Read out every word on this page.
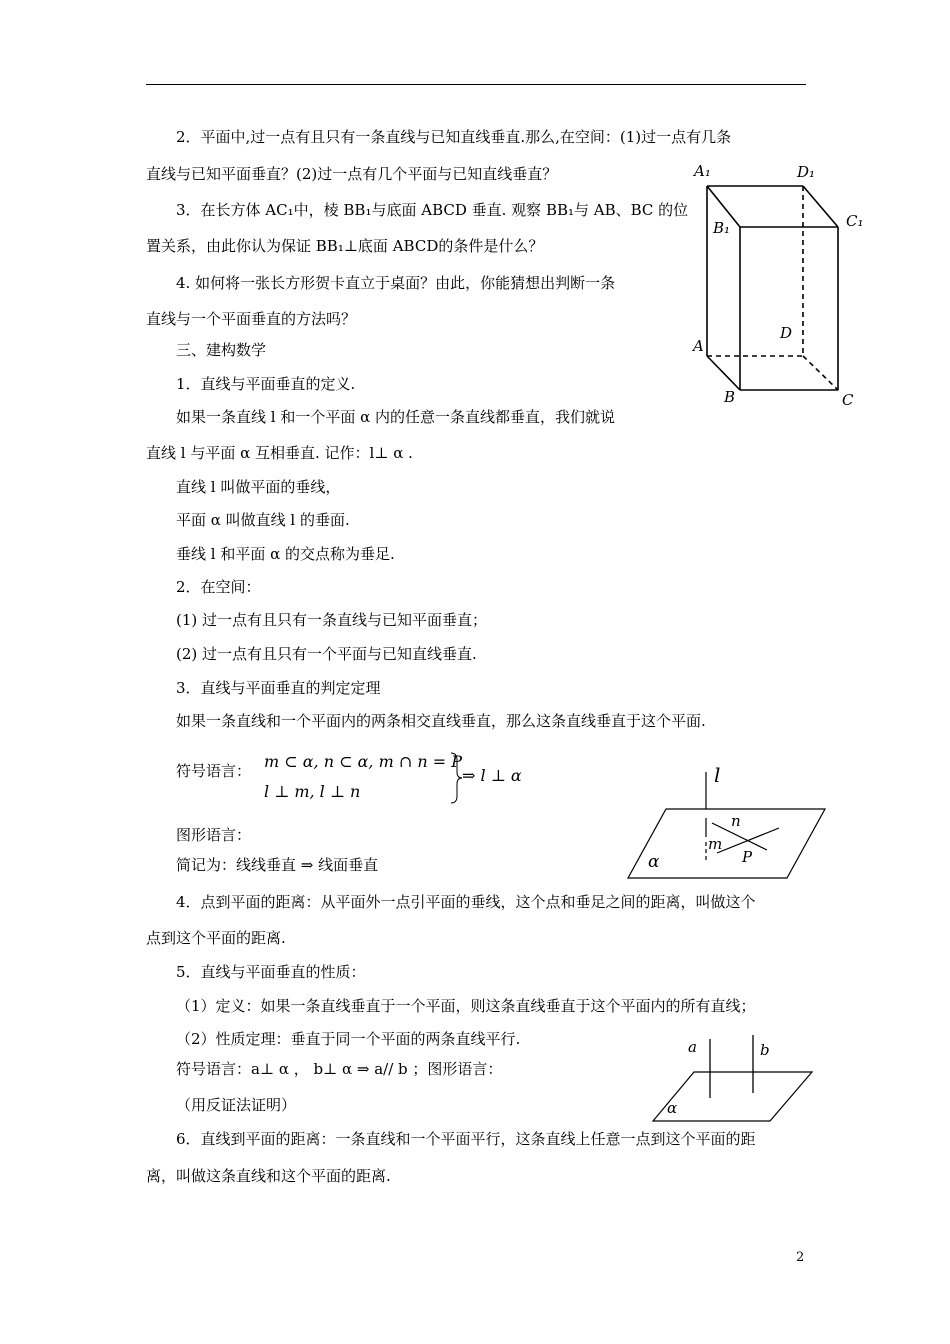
2．平面中,过一点有且只有一条直线与已知直线垂直.那么,在空间：(1)过一点有几条
直线与已知平面垂直？(2)过一点有几个平面与已知直线垂直？
3．在长方体 AC₁中，棱 BB₁与底面 ABCD 垂直. 观察 BB₁与 AB、BC 的位
置关系，由此你认为保证 BB₁⊥底面 ABCD的条件是什么？
4. 如何将一张长方形贺卡直立于桌面？由此，你能猜想出判断一条
直线与一个平面垂直的方法吗？
三、建构数学
1．直线与平面垂直的定义.
如果一条直线 l 和一个平面 α 内的任意一条直线都垂直，我们就说
直线 l 与平面 α 互相垂直. 记作：l⊥ α .
直线 l 叫做平面的垂线，
平面 α 叫做直线 l 的垂面.
垂线 l 和平面 α 的交点称为垂足.
2．在空间：
(1) 过一点有且只有一条直线与已知平面垂直；
(2) 过一点有且只有一个平面与已知直线垂直.
3．直线与平面垂直的判定定理
如果一条直线和一个平面内的两条相交直线垂直，那么这条直线垂直于这个平面.
符号语言： m ⊂ α, n ⊂ α, m ∩ n = P
l ⊥ m, l ⊥ n
⇒ l ⊥ α
图形语言：
简记为：线线垂直 ⇒ 线面垂直
4．点到平面的距离：从平面外一点引平面的垂线，这个点和垂足之间的距离，叫做这个
点到这个平面的距离.
5．直线与平面垂直的性质：
（1）定义：如果一条直线垂直于一个平面，则这条直线垂直于这个平面内的所有直线；
（2）性质定理：垂直于同一个平面的两条直线平行.
符号语言：a⊥ α ， b⊥ α ⇒ a// b ；图形语言：
（用反证法证明）
6．直线到平面的距离：一条直线和一个平面平行，这条直线上任意一点到这个平面的距
离，叫做这条直线和这个平面的距离.
A₁	D₁
B₁	C₁
D
A
B	C
l
n
m
P
α
a	b
α
2
